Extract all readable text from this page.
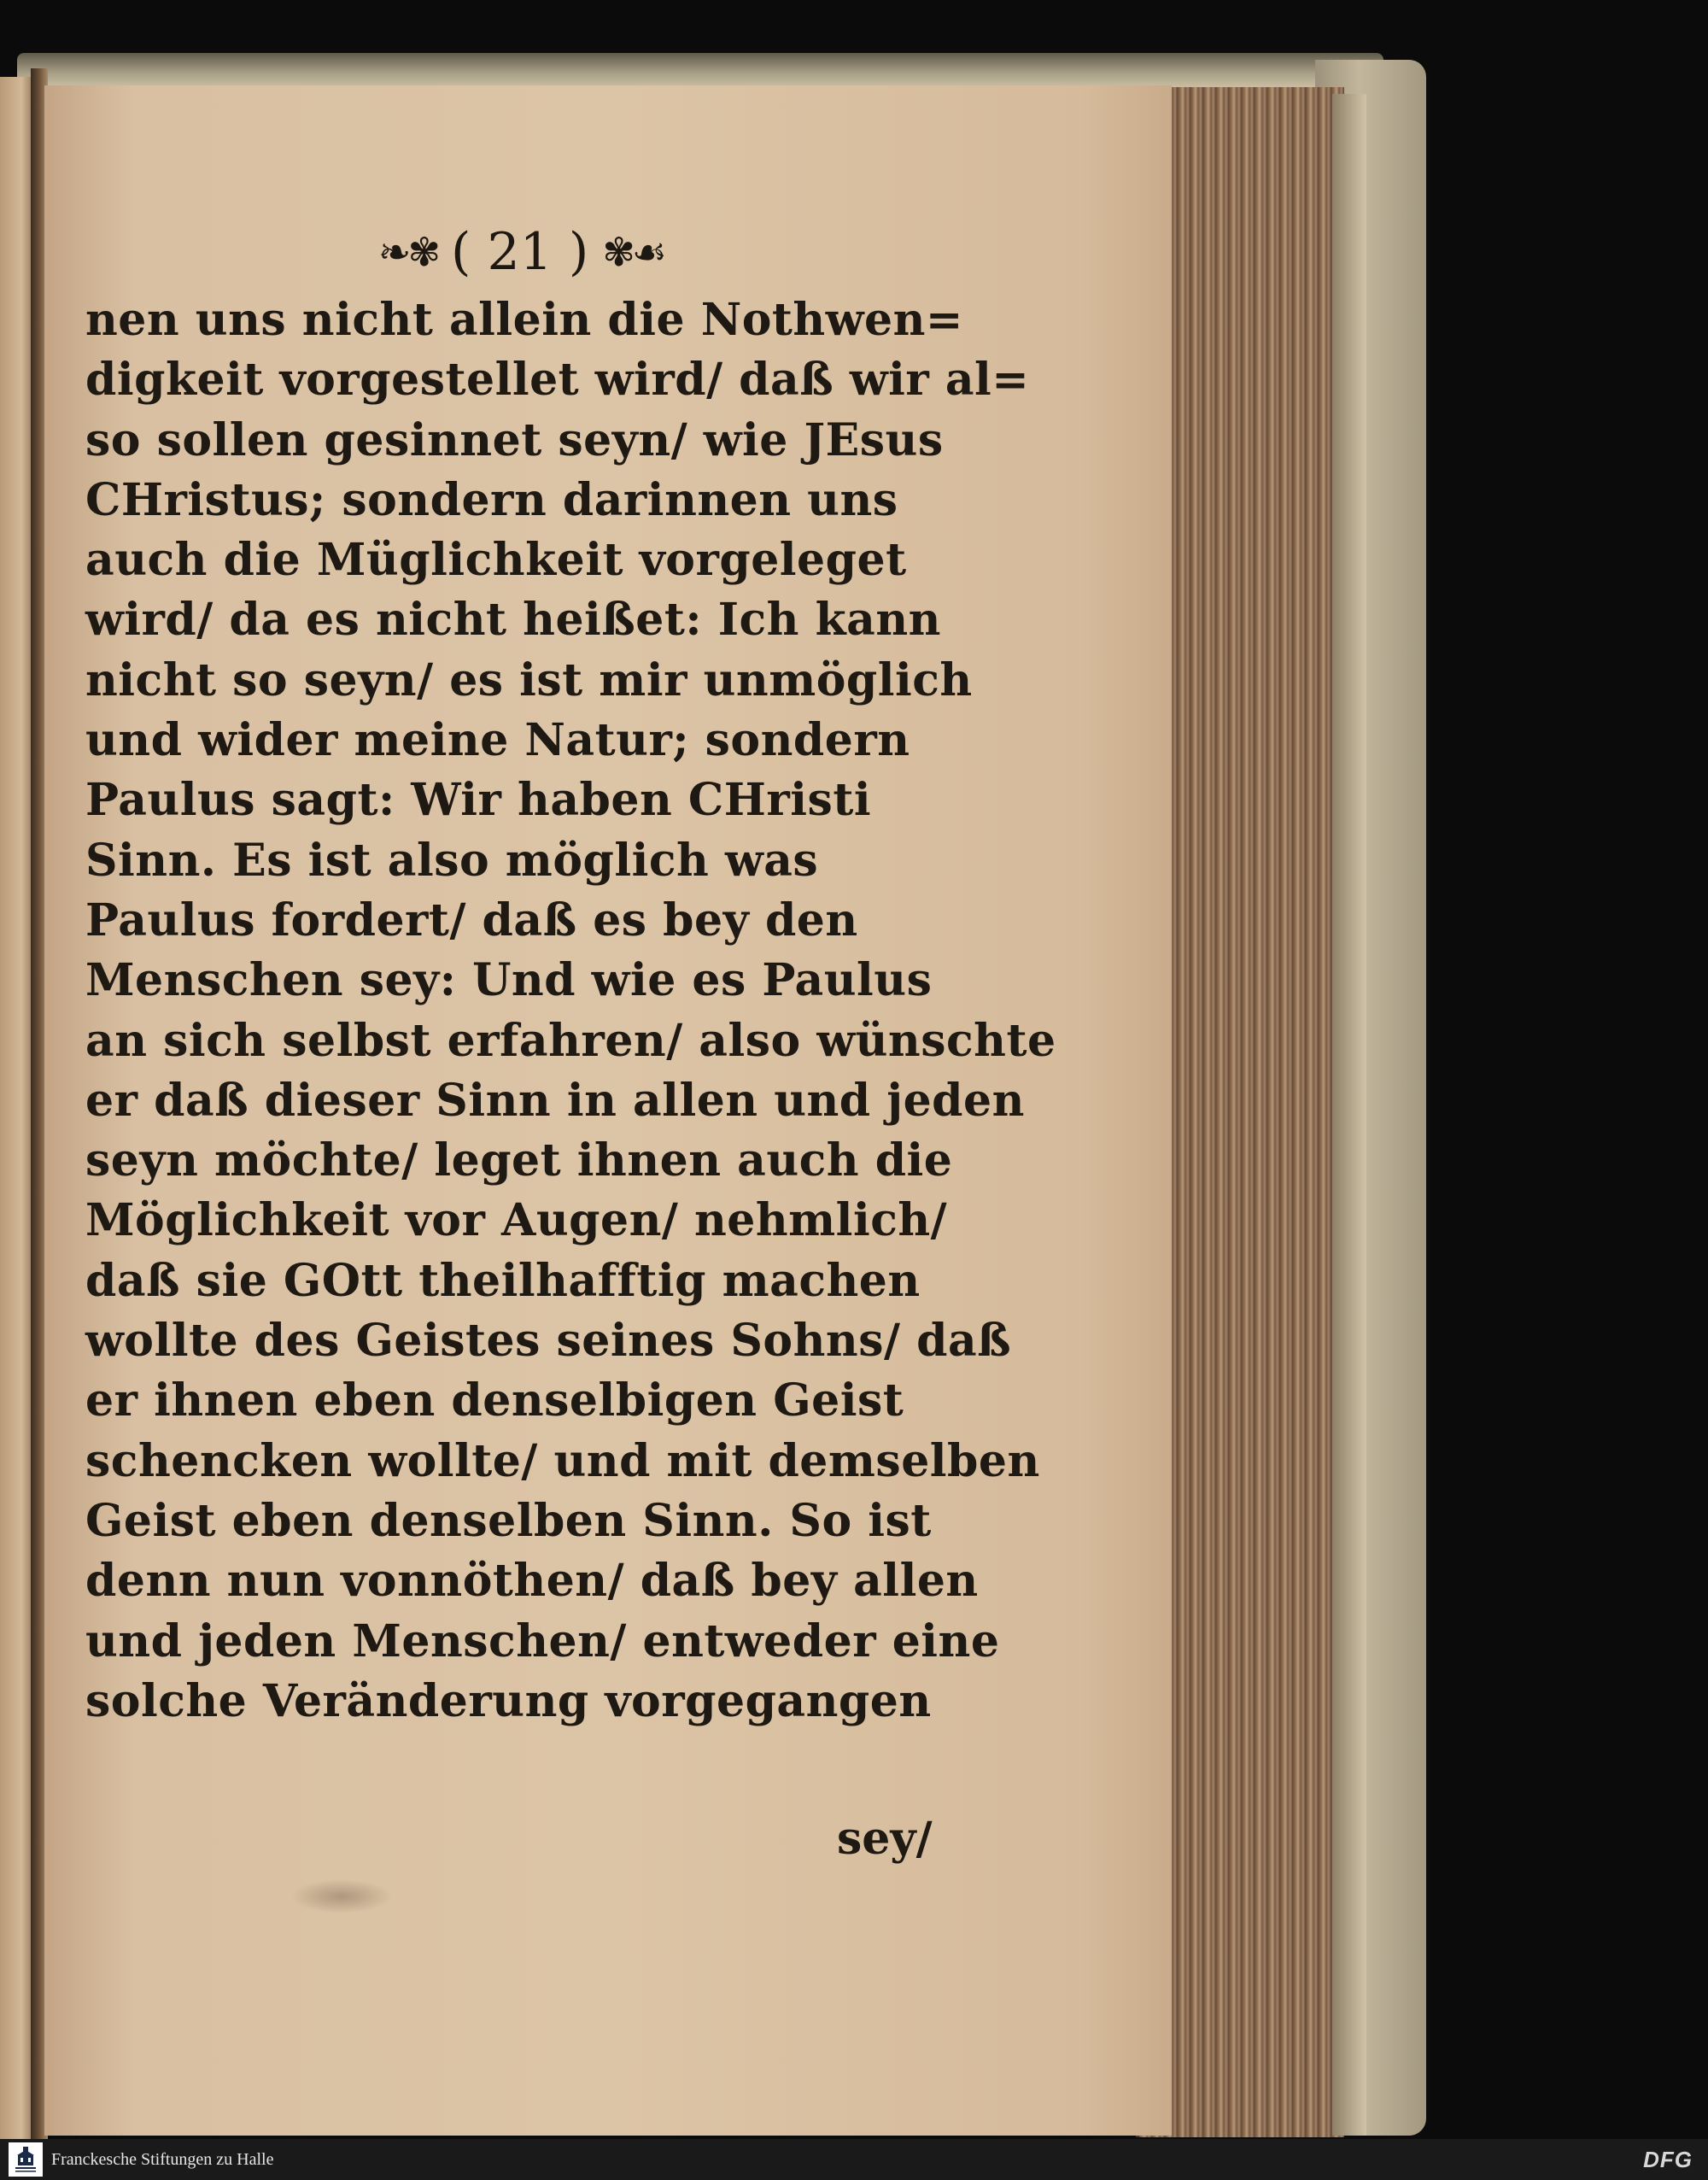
❧✾ ( 21 ) ✾☙
nen uns nicht allein die Nothwen=
digkeit vorgestellet wird/ daß wir al=
so sollen gesinnet seyn/ wie JEsus
CHristus; sondern darinnen uns
auch die Müglichkeit vorgeleget
wird/ da es nicht heißet: Ich kann
nicht so seyn/ es ist mir unmöglich
und wider meine Natur; sondern
Paulus sagt: Wir haben CHristi
Sinn. Es ist also möglich was
Paulus fordert/ daß es bey den
Menschen sey: Und wie es Paulus
an sich selbst erfahren/ also wünschte
er daß dieser Sinn in allen und jeden
seyn möchte/ leget ihnen auch die
Möglichkeit vor Augen/ nehmlich/
daß sie GOtt theilhafftig machen
wollte des Geistes seines Sohns/ daß
er ihnen eben denselbigen Geist
schencken wollte/ und mit demselben
Geist eben denselben Sinn. So ist
denn nun vonnöthen/ daß bey allen
und jeden Menschen/ entweder eine
solche Veränderung vorgegangen
sey/
Franckesche Stiftungen zu Halle	DFG
